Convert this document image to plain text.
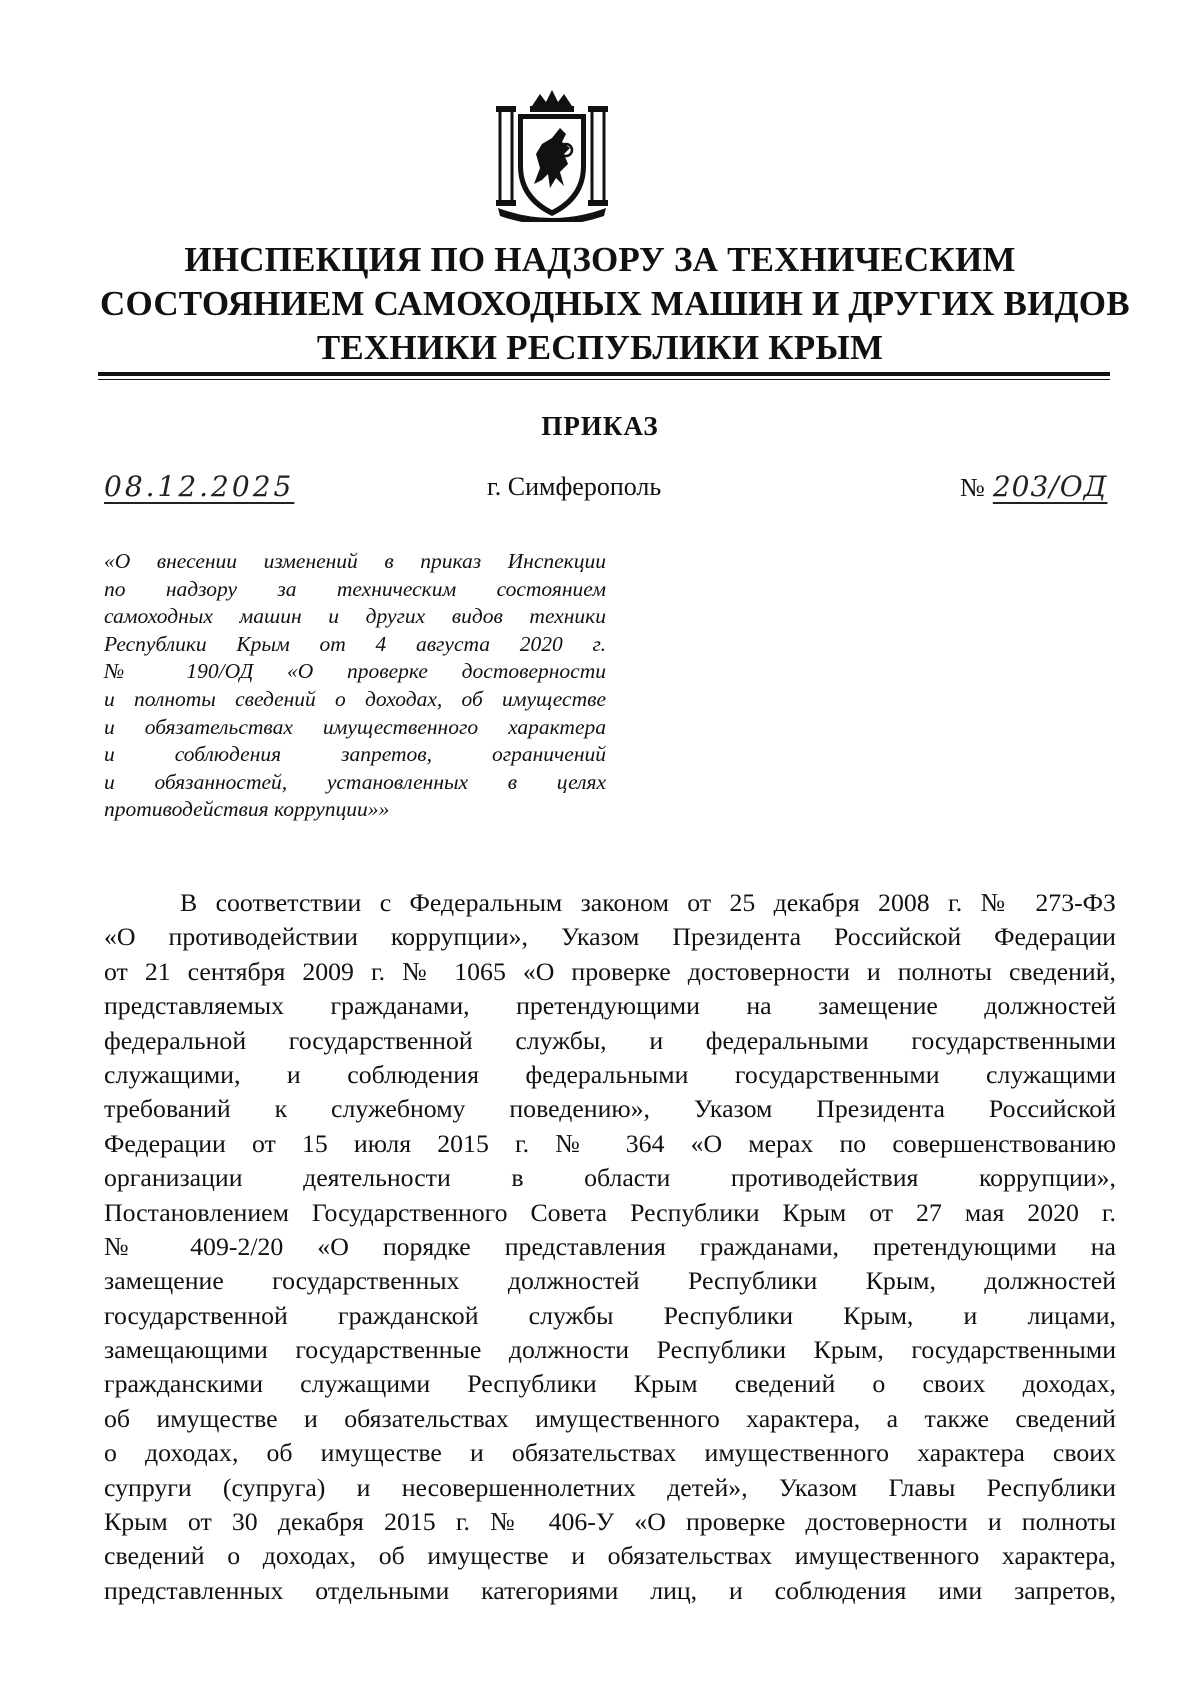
ИНСПЕКЦИЯ ПО НАДЗОРУ ЗА ТЕХНИЧЕСКИМ
СОСТОЯНИЕМ САМОХОДНЫХ МАШИН И ДРУГИХ ВИДОВ
ТЕХНИКИ РЕСПУБЛИКИ КРЫМ
ПРИКАЗ
08.12.2025	г. Симферополь	№ 203/ОД
«О внесении изменений в приказ Инспекции
по надзору за техническим состоянием
самоходных машин и других видов техники
Республики Крым от 4 августа 2020 г.
№ 190/ОД «О проверке достоверности
и полноты сведений о доходах, об имуществе
и обязательствах имущественного характера
и соблюдения запретов, ограничений
и обязанностей, установленных в целях
противодействия коррупции»»
В соответствии с Федеральным законом от 25 декабря 2008 г. № 273-ФЗ
«О противодействии коррупции», Указом Президента Российской Федерации
от 21 сентября 2009 г. № 1065 «О проверке достоверности и полноты сведений,
представляемых гражданами, претендующими на замещение должностей
федеральной государственной службы, и федеральными государственными
служащими, и соблюдения федеральными государственными служащими
требований к служебному поведению», Указом Президента Российской
Федерации от 15 июля 2015 г. № 364 «О мерах по совершенствованию
организации деятельности в области противодействия коррупции»,
Постановлением Государственного Совета Республики Крым от 27 мая 2020 г.
№ 409-2/20 «О порядке представления гражданами, претендующими на
замещение государственных должностей Республики Крым, должностей
государственной гражданской службы Республики Крым, и лицами,
замещающими государственные должности Республики Крым, государственными
гражданскими служащими Республики Крым сведений о своих доходах,
об имуществе и обязательствах имущественного характера, а также сведений
о доходах, об имуществе и обязательствах имущественного характера своих
супруги (супруга) и несовершеннолетних детей», Указом Главы Республики
Крым от 30 декабря 2015 г. № 406-У «О проверке достоверности и полноты
сведений о доходах, об имуществе и обязательствах имущественного характера,
представленных отдельными категориями лиц, и соблюдения ими запретов,
